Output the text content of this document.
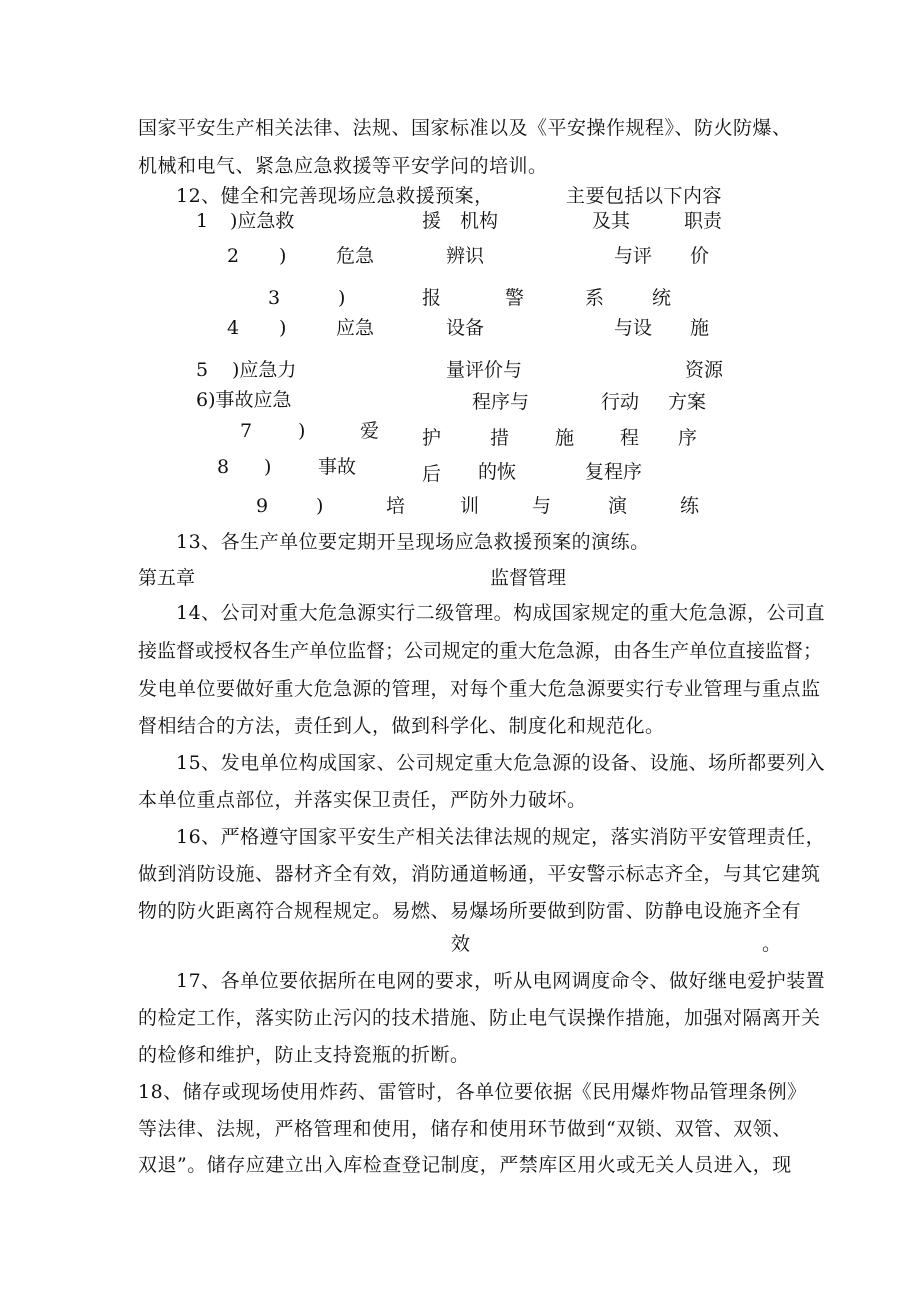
国家平安生产相关法律、法规、国家标准以及《平安操作规程》、防火防爆、
机械和电气、紧急应急救援等平安学问的培训。
12、健全和完善现场应急救援预案，	主要包括以下内容
1 )应急救	援 机构	及其	职责
2 )	危急	辨识	与评 价
3	)	报	警	系	统
4 )	应急	设备	与设 施
5 )应急力	量评价与	资源
6)事故应急	程序与	行动 方案
7 )	爱 护	措 施 程 序
8 ) 事故	后 的恢	复程序
9	)	培	训	与	演	练
13、各生产单位要定期开呈现场应急救援预案的演练。
第五章	监督管理
14、公司对重大危急源实行二级管理。构成国家规定的重大危急源，公司直
接监督或授权各生产单位监督；公司规定的重大危急源，由各生产单位直接监督；
发电单位要做好重大危急源的管理，对每个重大危急源要实行专业管理与重点监
督相结合的方法，责任到人，做到科学化、制度化和规范化。
15、发电单位构成国家、公司规定重大危急源的设备、设施、场所都要列入
本单位重点部位，并落实保卫责任，严防外力破坏。
16、严格遵守国家平安生产相关法律法规的规定，落实消防平安管理责任，
做到消防设施、器材齐全有效，消防通道畅通，平安警示标志齐全，与其它建筑
物的防火距离符合规程规定。易燃、易爆场所要做到防雷、防静电设施齐全有
效	。
17、各单位要依据所在电网的要求，听从电网调度命令、做好继电爱护装置
的检定工作，落实防止污闪的技术措施、防止电气误操作措施，加强对隔离开关
的检修和维护，防止支持瓷瓶的折断。
18、储存或现场使用炸药、雷管时，各单位要依据《民用爆炸物品管理条例》
等法律、法规，严格管理和使用，储存和使用环节做到“双锁、双管、双领、
双退”。储存应建立出入库检查登记制度，严禁库区用火或无关人员进入，现
